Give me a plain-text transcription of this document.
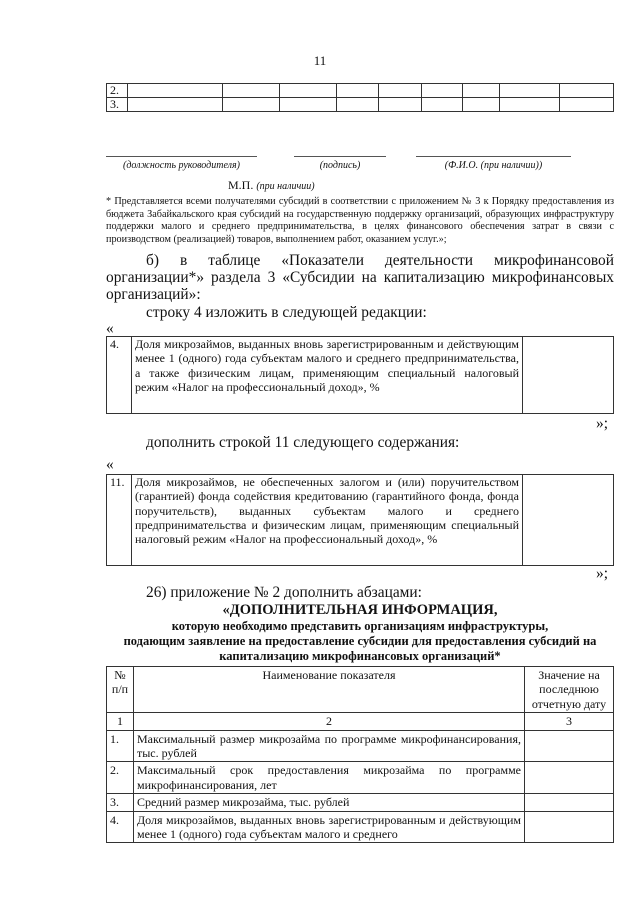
11
2.									
3.									
(должность руководителя)	(подпись)	(Ф.И.О. (при наличии))
М.П. (при наличии)
* Представляется всеми получателями субсидий в соответствии с приложением № 3 к Порядку предоставления из бюджета Забайкальского края субсидий на государственную поддержку организаций, образующих инфраструктуру поддержки малого и среднего предпринимательства, в целях финансового обеспечения затрат в связи с производством (реализацией) товаров, выполнением работ, оказанием услуг.»;
б) в таблице «Показатели деятельности микрофинансовой
организации*» раздела 3 «Субсидии на капитализацию микрофинансовых
организаций»:
строку 4 изложить в следующей редакции:
«
4.	Доля микрозаймов, выданных вновь зарегистрированным и действующим менее 1 (одного) года субъектам малого и среднего предпринимательства, а также физическим лицам, применяющим специальный налоговый режим «Налог на профессиональный доход», %	
»;
дополнить строкой 11 следующего содержания:
«
11.	Доля микрозаймов, не обеспеченных залогом и (или) поручительством (гарантией) фонда содействия кредитованию (гарантийного фонда, фонда поручительств), выданных субъектам малого и среднего предпринимательства и физическим лицам, применяющим специальный налоговый режим «Налог на профессиональный доход», %	
»;
26) приложение № 2 дополнить абзацами:
«ДОПОЛНИТЕЛЬНАЯ ИНФОРМАЦИЯ,
которую необходимо представить организациям инфраструктуры,
подающим заявление на предоставление субсидии для предоставления субсидий на
капитализацию микрофинансовых организаций*
№ п/п	Наименование показателя	Значение на последнюю отчетную дату
1	2	3
1.	Максимальный размер микрозайма по программе микрофинансирования, тыс. рублей	
2.	Максимальный срок предоставления микрозайма по программе микрофинансирования, лет	
3.	Средний размер микрозайма, тыс. рублей	
4.	Доля микрозаймов, выданных вновь зарегистрированным и действующим менее 1 (одного) года субъектам малого и среднего	
